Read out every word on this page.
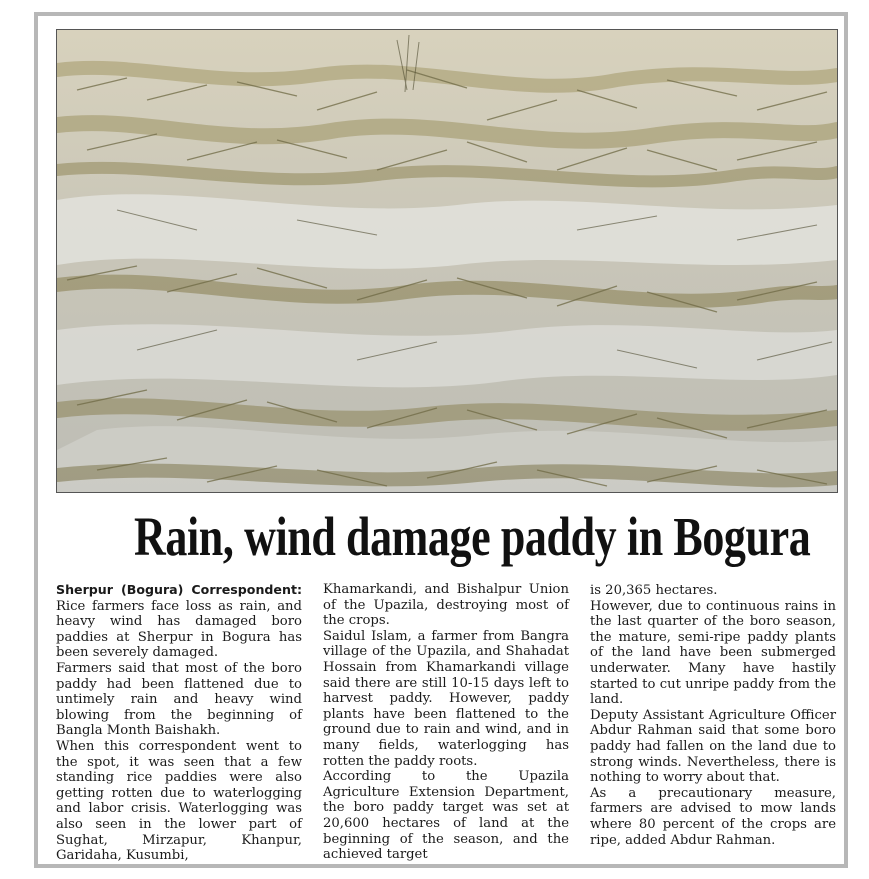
Rain, wind damage paddy in Bogura

Sherpur (Bogura) Correspondent: Rice farmers face loss as rain, and heavy wind has damaged boro paddies at Sherpur in Bogura has been severely damaged.

Farmers said that most of the boro paddy had been flattened due to untimely rain and heavy wind blowing from the beginning of Bangla Month Baishakh.

When this correspondent went to the spot, it was seen that a few standing rice paddies were also getting rotten due to waterlogging and labor crisis. Waterlogging was also seen in the lower part of Sughat, Mirzapur, Khanpur, Garidaha, Kusumbi,

Khamarkandi, and Bishalpur Union of the Upazila, destroying most of the crops.

Saidul Islam, a farmer from Bangra village of the Upazila, and Shahadat Hossain from Khamarkandi village said there are still 10-15 days left to harvest paddy. However, paddy plants have been flattened to the ground due to rain and wind, and in many fields, waterlogging has rotten the paddy roots.

According to the Upazila Agriculture Extension Department, the boro paddy target was set at 20,600 hectares of land at the beginning of the season, and the achieved target

is 20,365 hectares.

However, due to continuous rains in the last quarter of the boro season, the mature, semi-ripe paddy plants of the land have been submerged underwater. Many have hastily started to cut unripe paddy from the land.

Deputy Assistant Agriculture Officer Abdur Rahman said that some boro paddy had fallen on the land due to strong winds. Nevertheless, there is nothing to worry about that.

As a precautionary measure, farmers are advised to mow lands where 80 percent of the crops are ripe, added Abdur Rahman.
